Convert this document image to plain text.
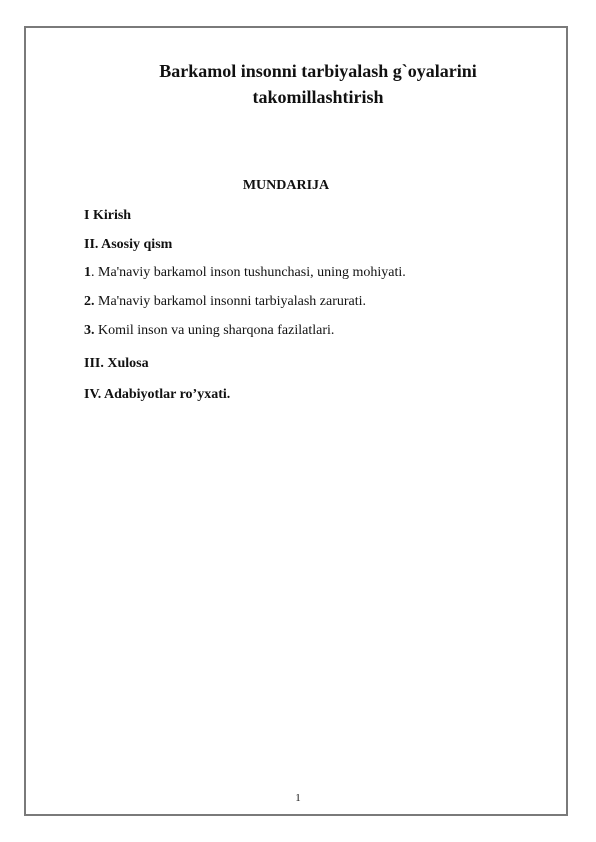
Barkamol insonni tarbiyalash g`oyalarini
takomillashtirish
MUNDARIJA
I Kirish
II. Asosiy qism
1. Ma'naviy barkamol inson tushunchasi, uning mohiyati.
2. Ma'naviy barkamol insonni tarbiyalash zarurati.
3. Komil inson va uning sharqona fazilatlari.
III. Xulosa
IV. Adabiyotlar ro’yxati.
1
